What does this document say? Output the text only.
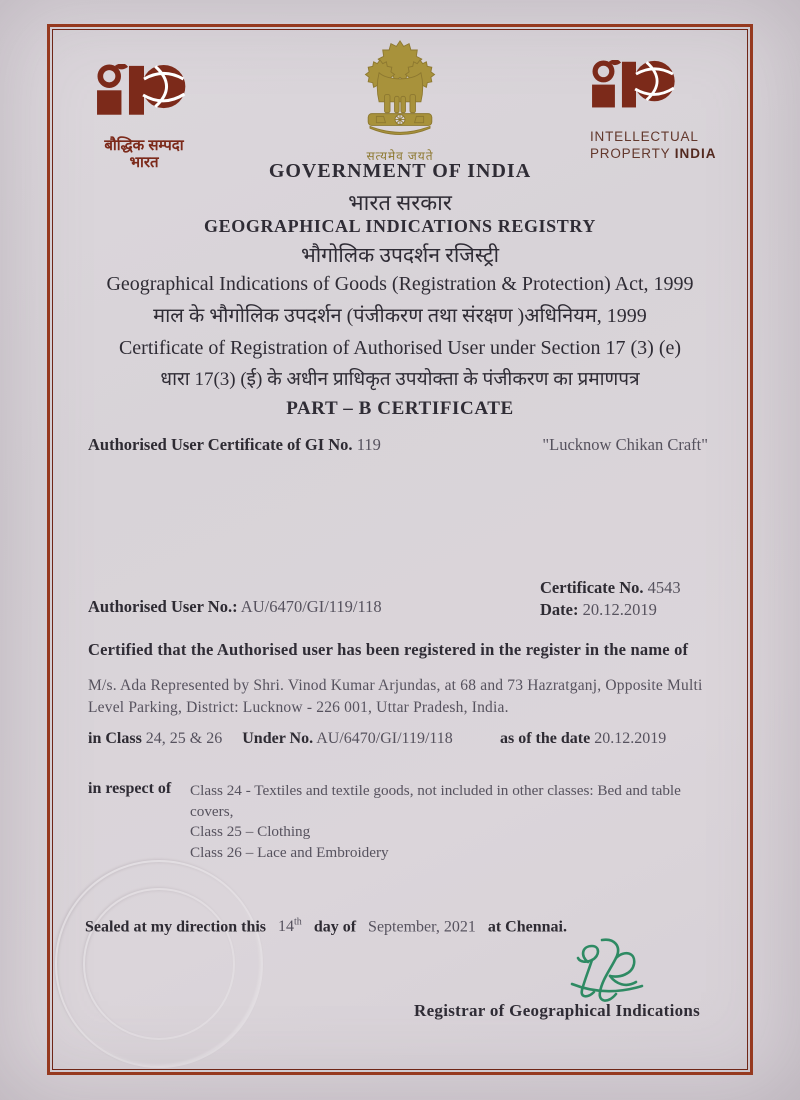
बौद्धिक सम्पदा
भारत	सत्यमेव जयते
INTELLECTUAL
PROPERTY INDIA
GOVERNMENT OF INDIA
भारत सरकार
GEOGRAPHICAL INDICATIONS REGISTRY
भौगोलिक उपदर्शन रजिस्ट्री
Geographical Indications of Goods (Registration & Protection) Act, 1999
माल के भौगोलिक उपदर्शन (पंजीकरण तथा संरक्षण )अधिनियम, 1999
Certificate of Registration of Authorised User under Section 17 (3) (e)
धारा 17(3) (ई) के अधीन प्राधिकृत उपयोक्ता के पंजीकरण का प्रमाणपत्र
PART – B CERTIFICATE
Authorised User Certificate of GI No. 119	"Lucknow Chikan Craft"
Certificate No. 4543
Date: 20.12.2019
Authorised User No.: AU/6470/GI/119/118
Certified that the Authorised user has been registered in the register in the name of
M/s. Ada Represented by Shri. Vinod Kumar Arjundas, at 68 and 73 Hazratganj, Opposite Multi Level Parking, District: Lucknow - 226 001, Uttar Pradesh, India.
in Class 24, 25 & 26 Under No. AU/6470/GI/119/118	as of the date 20.12.2019
in respect of Class 24 - Textiles and textile goods, not included in other classes: Bed and table covers,
Class 25 – Clothing
Class 26 – Lace and Embroidery
Sealed at my direction this 14th day of September, 2021 at Chennai.
Registrar of Geographical Indications
